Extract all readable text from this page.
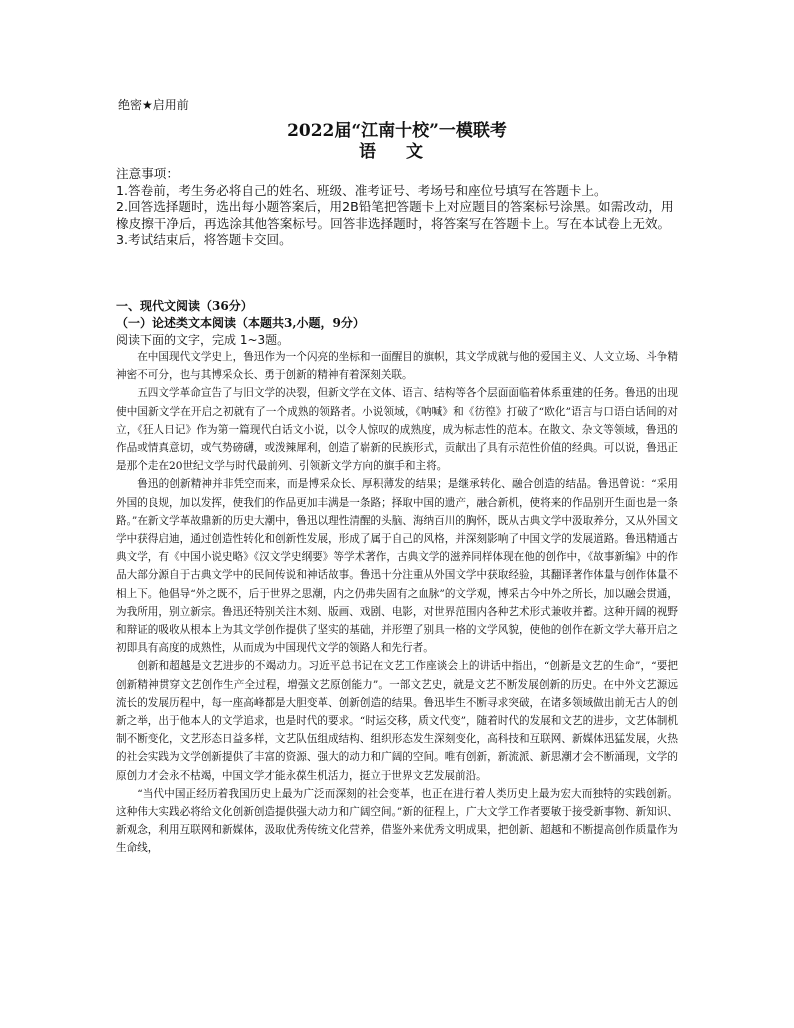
绝密★启用前
2022届“江南十校”一模联考
语 文

注意事项：

1.答卷前，考生务必将自己的姓名、班级、准考证号、考场号和座位号填写在答题卡上。

2.回答选择题时，选出每小题答案后，用2B铅笔把答题卡上对应题目的答案标号涂黑。如需改动，用橡皮擦干净后，再选涂其他答案标号。回答非选择题时，将答案写在答题卡上。写在本试卷上无效。

3.考试结束后，将答题卡交回。

一、现代文阅读（36分）
（一）论述类文本阅读（本题共3,小题，9分）
阅读下面的文字，完成 1~3题。

在中国现代文学史上，鲁迅作为一个闪亮的坐标和一面醒目的旗帜，其文学成就与他的爱国主义、人文立场、斗争精神密不可分，也与其博采众长、勇于创新的精神有着深刻关联。

五四文学革命宣告了与旧文学的决裂，但新文学在文体、语言、结构等各个层面面临着体系重建的任务。鲁迅的出现使中国新文学在开启之初就有了一个成熟的领路者。小说领域，《呐喊》和《彷徨》打破了“欧化”语言与口语白话间的对立，《狂人日记》作为第一篇现代白话文小说，以令人惊叹的成熟度，成为标志性的范本。在散文、杂文等领域，鲁迅的作品或情真意切，或气势磅礴，或泼辣犀利，创造了崭新的民族形式，贡献出了具有示范性价值的经典。可以说，鲁迅正是那个走在20世纪文学与时代最前列、引领新文学方向的旗手和主将。

鲁迅的创新精神并非凭空而来，而是博采众长、厚积薄发的结果；是继承转化、融合创造的结晶。鲁迅曾说：“采用外国的良规，加以发挥，使我们的作品更加丰满是一条路；择取中国的遗产，融合新机，使将来的作品别开生面也是一条路。”在新文学革故鼎新的历史大潮中，鲁迅以理性清醒的头脑、海纳百川的胸怀，既从古典文学中汲取养分，又从外国文学中获得启迪，通过创造性转化和创新性发展，形成了属于自己的风格，并深刻影响了中国文学的发展道路。鲁迅精通古典文学，有《中国小说史略》《汉文学史纲要》等学术著作，古典文学的滋养同样体现在他的创作中，《故事新编》中的作品大部分源自于古典文学中的民间传说和神话故事。鲁迅十分注重从外国文学中获取经验，其翻译著作体量与创作体量不相上下。他倡导“外之既不，后于世界之思潮，内之仍弗失固有之血脉”的文学观，博采古今中外之所长，加以融会贯通，为我所用，别立新宗。鲁迅还特别关注木刻、版画、戏剧、电影，对世界范围内各种艺术形式兼收并蓄。这种开阔的视野和辩证的吸收从根本上为其文学创作提供了坚实的基础，并形塑了别具一格的文学风貌，使他的创作在新文学大幕开启之初即具有高度的成熟性，从而成为中国现代文学的领路人和先行者。

创新和超越是文艺进步的不竭动力。习近平总书记在文艺工作座谈会上的讲话中指出，“创新是文艺的生命”，“要把创新精神贯穿文艺创作生产全过程，增强文艺原创能力”。一部文艺史，就是文艺不断发展创新的历史。在中外文艺源远流长的发展历程中，每一座高峰都是大胆变革、创新创造的结果。鲁迅毕生不断寻求突破，在诸多领域做出前无古人的创新之举，出于他本人的文学追求，也是时代的要求。“时运交移，质文代变”，随着时代的发展和文艺的进步，文艺体制机制不断变化，文艺形态日益多样，文艺队伍组成结构、组织形态发生深刻变化，高科技和互联网、新媒体迅猛发展，火热的社会实践为文学创新提供了丰富的资源、强大的动力和广阔的空间。唯有创新，新流派、新思潮才会不断涌现，文学的原创力才会永不枯竭，中国文学才能永葆生机活力，挺立于世界文艺发展前沿。

“当代中国正经历着我国历史上最为广泛而深刻的社会变革，也正在进行着人类历史上最为宏大而独特的实践创新。这种伟大实践必将给文化创新创造提供强大动力和广阔空间。”新的征程上，广大文学工作者要敏于接受新事物、新知识、新观念，利用互联网和新媒体，汲取优秀传统文化营养，借鉴外来优秀文明成果，把创新、超越和不断提高创作质量作为生命线，
